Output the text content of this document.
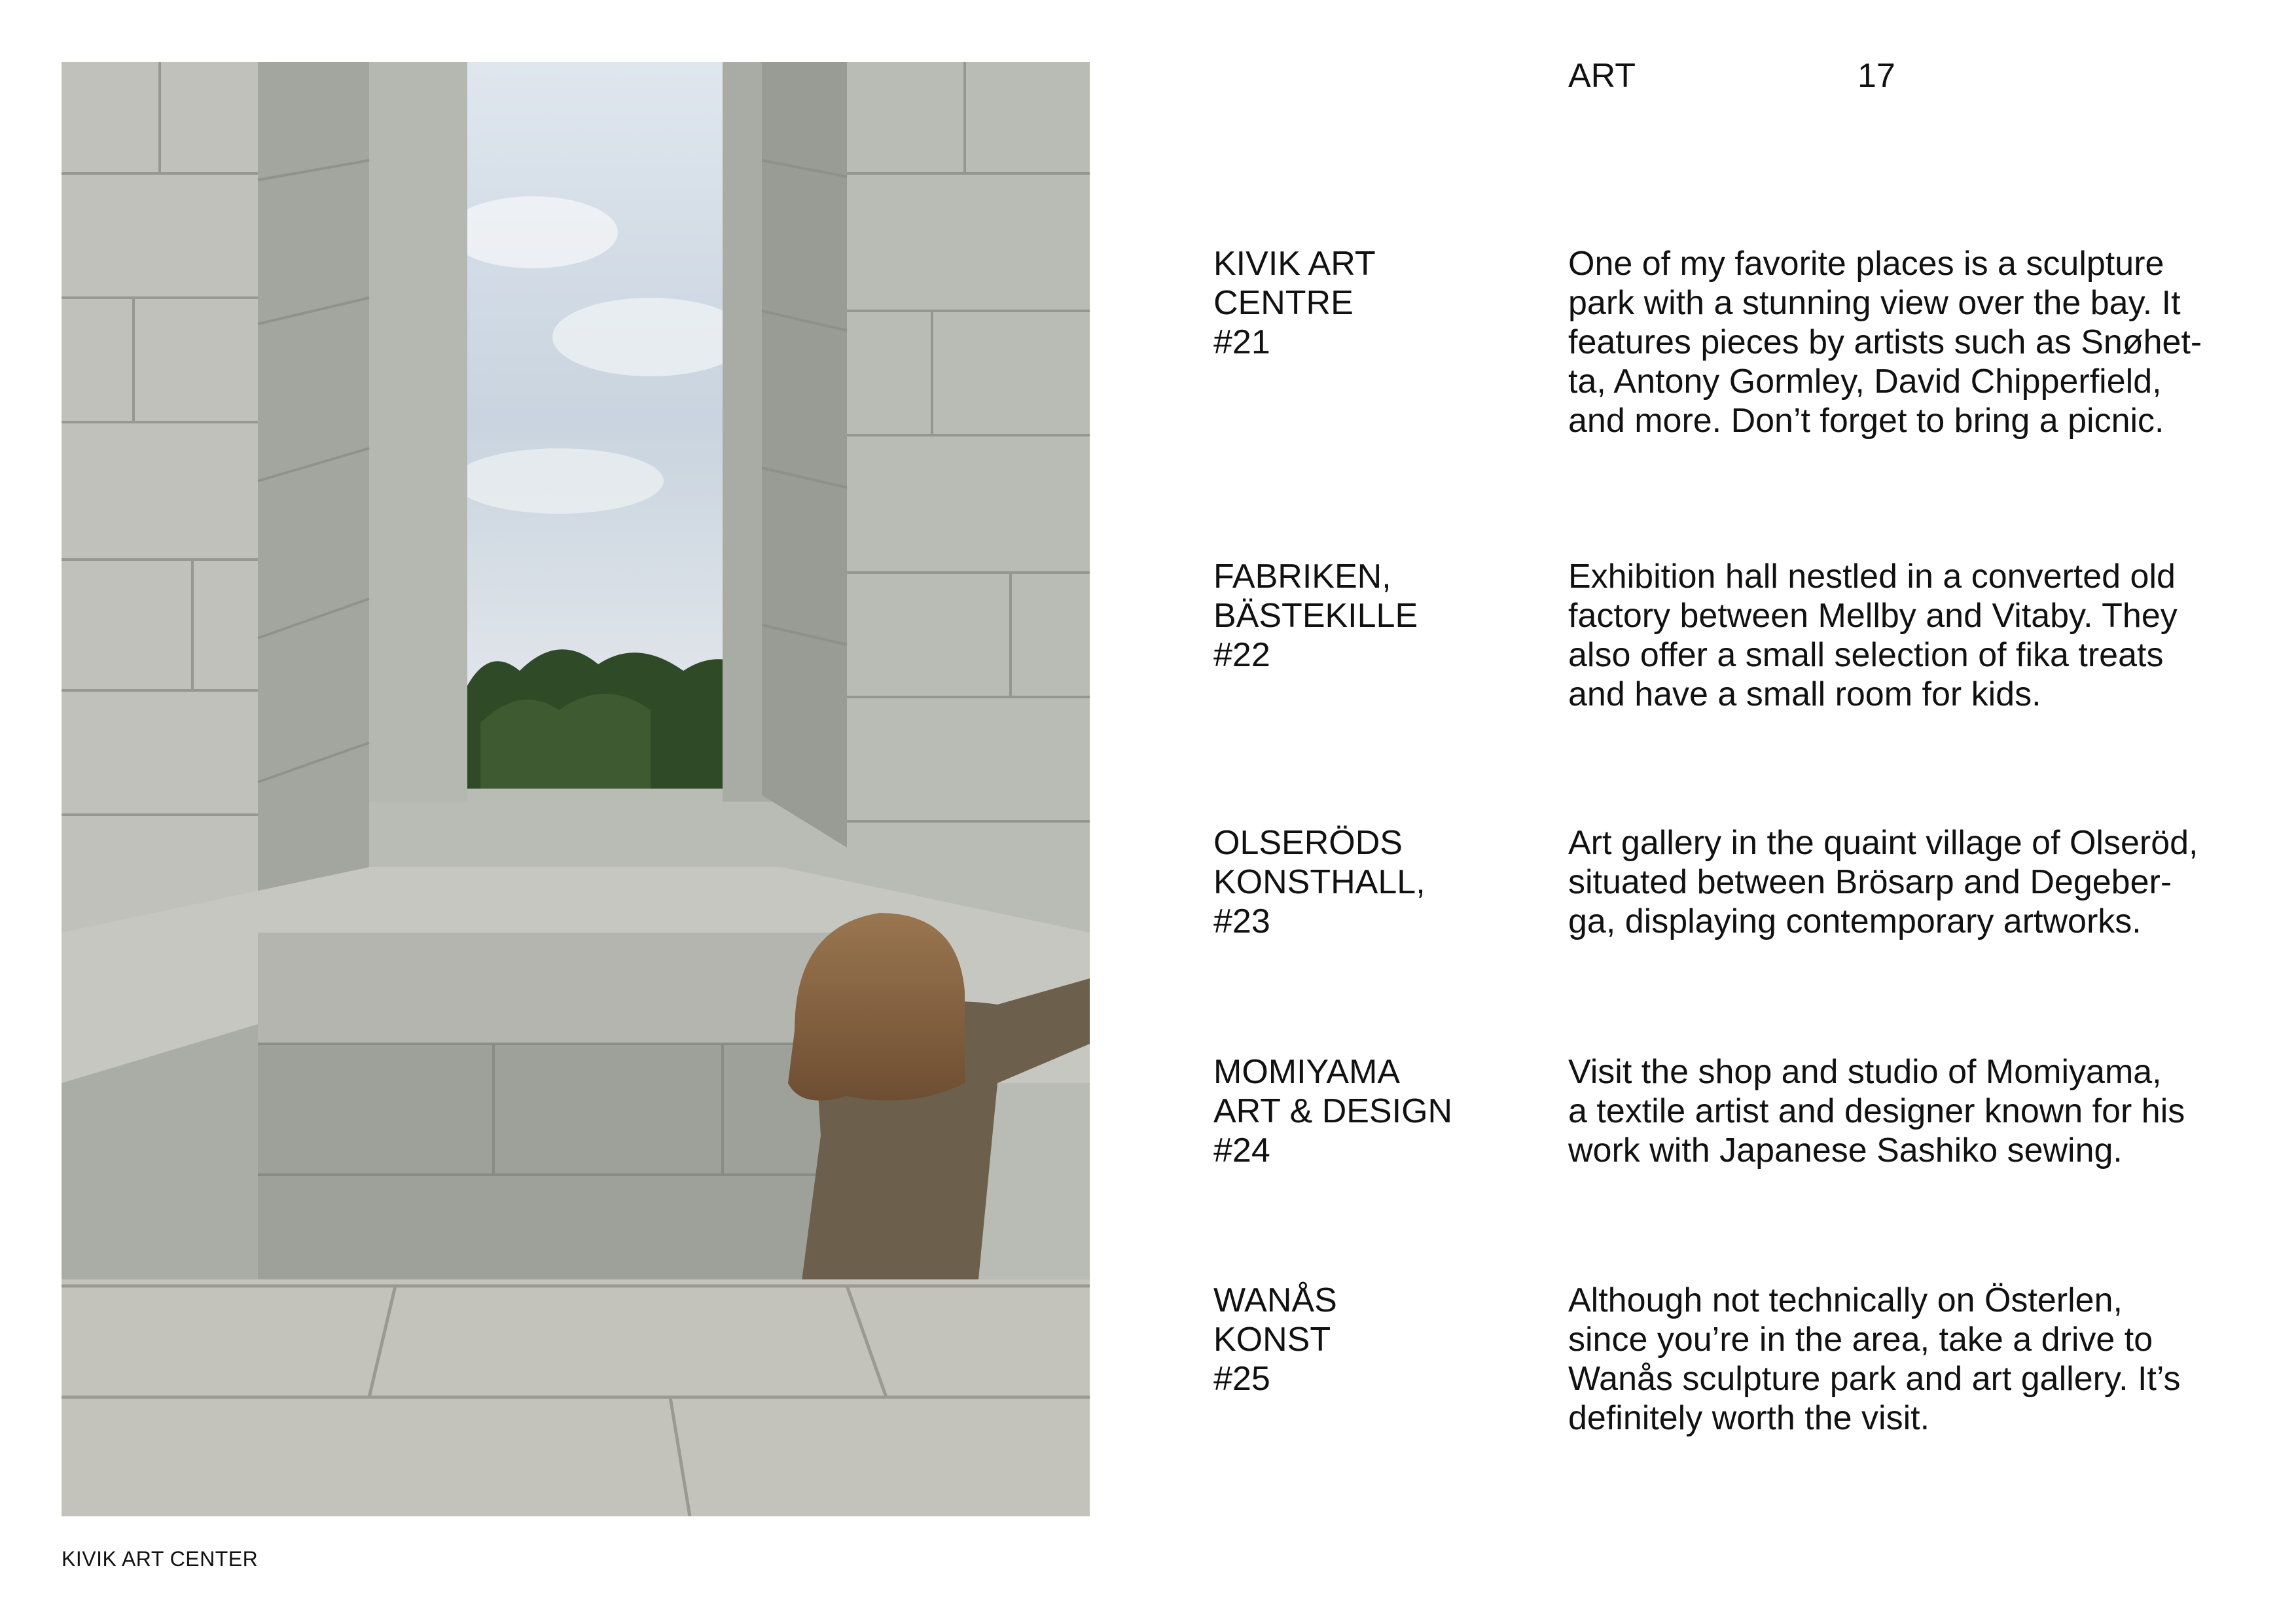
KIVIK ART CENTER
ART	17
KIVIK ART
CENTRE
#21
One of my favorite places is a sculpture
park with a stunning view over the bay. It
features pieces by artists such as Snøhet-
ta, Antony Gormley, David Chipperfield,
and more. Don’t forget to bring a picnic.
FABRIKEN,
BÄSTEKILLE
#22
Exhibition hall nestled in a converted old
factory between Mellby and Vitaby. They
also offer a small selection of fika treats
and have a small room for kids.
OLSERÖDS
KONSTHALL,
#23
Art gallery in the quaint village of Olseröd,
situated between Brösarp and Degeber-
ga, displaying contemporary artworks.
MOMIYAMA
ART & DESIGN
#24
Visit the shop and studio of Momiyama,
a textile artist and designer known for his
work with Japanese Sashiko sewing.
WANÅS
KONST
#25
Although not technically on Österlen,
since you’re in the area, take a drive to
Wanås sculpture park and art gallery. It’s
definitely worth the visit.
